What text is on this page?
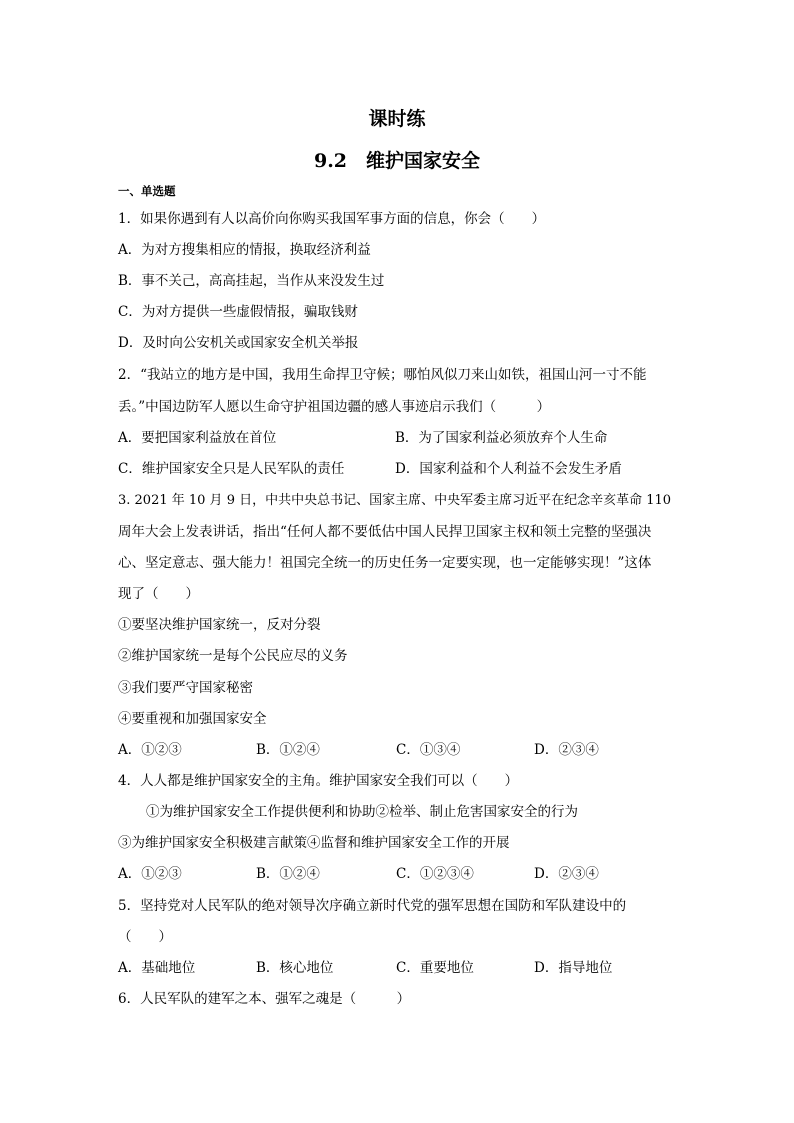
课时练
9.2　维护国家安全
一、单选题
1．如果你遇到有人以高价向你购买我国军事方面的信息，你会（　　）
A．为对方搜集相应的情报，换取经济利益
B．事不关己，高高挂起，当作从来没发生过
C．为对方提供一些虚假情报，骗取钱财
D．及时向公安机关或国家安全机关举报
2．“我站立的地方是中国，我用生命捍卫守候；哪怕风似刀来山如铁，祖国山河一寸不能
丢。”中国边防军人愿以生命守护祖国边疆的感人事迹启示我们（　　　）
A．要把国家利益放在首位	B．为了国家利益必须放弃个人生命
C．维护国家安全只是人民军队的责任	D．国家利益和个人利益不会发生矛盾
3. 2021 年 10 月 9 日，中共中央总书记、国家主席、中央军委主席习近平在纪念辛亥革命 110
周年大会上发表讲话，指出“任何人都不要低估中国人民捍卫国家主权和领土完整的坚强决
心、坚定意志、强大能力！祖国完全统一的历史任务一定要实现，也一定能够实现！”这体
现了（　　）
①要坚决维护国家统一，反对分裂
②维护国家统一是每个公民应尽的义务
③我们要严守国家秘密
④要重视和加强国家安全
A．①②③	B．①②④	C．①③④	D．②③④
4．人人都是维护国家安全的主角。维护国家安全我们可以（　　）
①为维护国家安全工作提供便利和协助②检举、制止危害国家安全的行为
③为维护国家安全积极建言献策④监督和维护国家安全工作的开展
A．①②③	B．①②④	C．①②③④	D．②③④
5．坚持党对人民军队的绝对领导次序确立新时代党的强军思想在国防和军队建设中的
（　　）
A．基础地位	B．核心地位	C．重要地位	D．指导地位
6．人民军队的建军之本、强军之魂是（　　　）
